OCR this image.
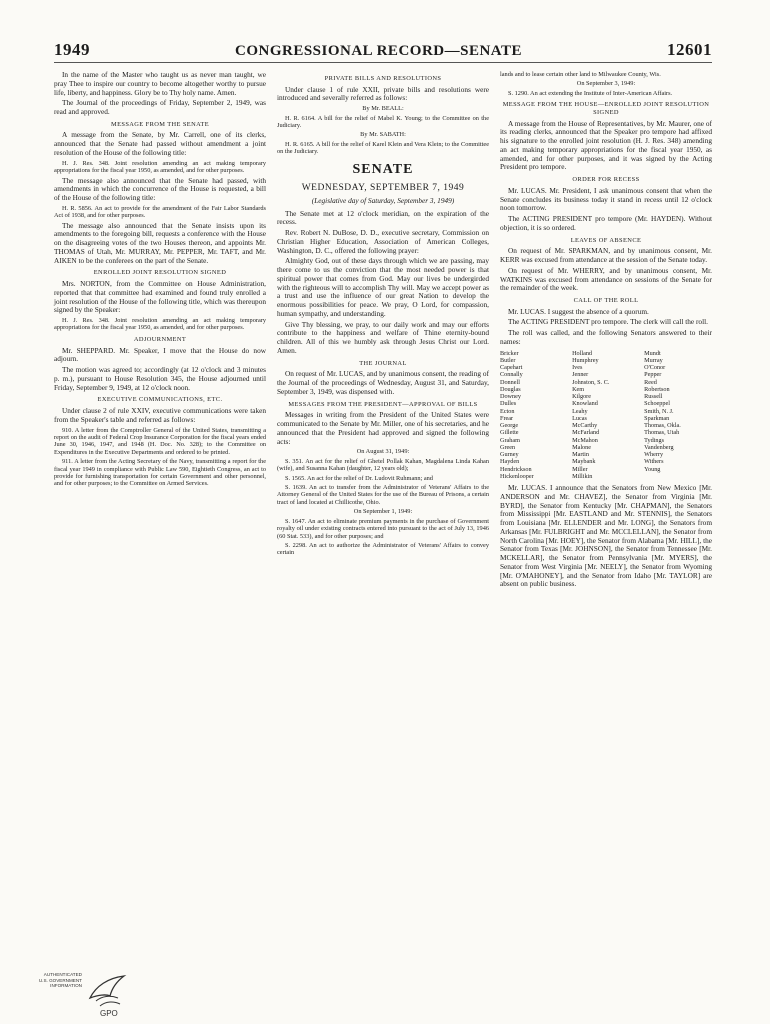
1949	CONGRESSIONAL RECORD—SENATE	12601

In the name of the Master who taught us as never man taught, we pray Thee to inspire our country to become altogether worthy to pursue life, liberty, and happiness. Glory be to Thy holy name. Amen.

The Journal of the proceedings of Friday, September 2, 1949, was read and approved.

MESSAGE FROM THE SENATE

A message from the Senate, by Mr. Carrell, one of its clerks, announced that the Senate had passed without amendment a joint resolution of the House of the following title:

H. J. Res. 348. Joint resolution amending an act making temporary appropriations for the fiscal year 1950, as amended, and for other purposes.

The message also announced that the Senate had passed, with amendments in which the concurrence of the House is requested, a bill of the House of the following title:

H. R. 5856. An act to provide for the amendment of the Fair Labor Standards Act of 1938, and for other purposes.

The message also announced that the Senate insists upon its amendments to the foregoing bill, requests a conference with the House on the disagreeing votes of the two Houses thereon, and appoints Mr. THOMAS of Utah, Mr. MURRAY, Mr. PEPPER, Mr. TAFT, and Mr. AIKEN to be the conferees on the part of the Senate.

ENROLLED JOINT RESOLUTION SIGNED

Mrs. NORTON, from the Committee on House Administration, reported that that committee had examined and found truly enrolled a joint resolution of the House of the following title, which was thereupon signed by the Speaker:

H. J. Res. 348. Joint resolution amending an act making temporary appropriations for the fiscal year 1950, as amended, and for other purposes.

ADJOURNMENT

Mr. SHEPPARD. Mr. Speaker, I move that the House do now adjourn.

The motion was agreed to; accordingly (at 12 o'clock and 3 minutes p. m.), pursuant to House Resolution 345, the House adjourned until Friday, September 9, 1949, at 12 o'clock noon.

EXECUTIVE COMMUNICATIONS, ETC.

Under clause 2 of rule XXIV, executive communications were taken from the Speaker's table and referred as follows:

910. A letter from the Comptroller General of the United States, transmitting a report on the audit of Federal Crop Insurance Corporation for the fiscal years ended June 30, 1946, 1947, and 1948 (H. Doc. No. 328); to the Committee on Expenditures in the Executive Departments and ordered to be printed.

911. A letter from the Acting Secretary of the Navy, transmitting a report for the fiscal year 1949 in compliance with Public Law 590, Eightieth Congress, an act to provide for furnishing transportation for certain Government and other personnel, and for other purposes; to the Committee on Armed Services.

PRIVATE BILLS AND RESOLUTIONS

Under clause 1 of rule XXII, private bills and resolutions were introduced and severally referred as follows:

By Mr. BEALL:

H. R. 6164. A bill for the relief of Mabel K. Young; to the Committee on the Judiciary.

By Mr. SABATH:

H. R. 6165. A bill for the relief of Karel Klein and Vera Klein; to the Committee on the Judiciary.

SENATE
WEDNESDAY, SEPTEMBER 7, 1949
(Legislative day of Saturday, September 3, 1949)

The Senate met at 12 o'clock meridian, on the expiration of the recess.

Rev. Robert N. DuBose, D. D., executive secretary, Commission on Christian Higher Education, Association of American Colleges, Washington, D. C., offered the following prayer:

Almighty God, out of these days through which we are passing, may there come to us the conviction that the most needed power is that spiritual power that comes from God. May our lives be undergirded with the righteous will to accomplish Thy will. May we accept power as a trust and use the influence of our great Nation to develop the enormous possibilities for peace. We pray, O Lord, for compassion, human sympathy, and understanding.

Give Thy blessing, we pray, to our daily work and may our efforts contribute to the happiness and welfare of Thine eternity-bound children. All of this we humbly ask through Jesus Christ our Lord. Amen.

THE JOURNAL

On request of Mr. LUCAS, and by unanimous consent, the reading of the Journal of the proceedings of Wednesday, August 31, and Saturday, September 3, 1949, was dispensed with.

MESSAGES FROM THE PRESIDENT—APPROVAL OF BILLS

Messages in writing from the President of the United States were communicated to the Senate by Mr. Miller, one of his secretaries, and he announced that the President had approved and signed the following acts:

On August 31, 1949:

S. 351. An act for the relief of Ghetel Pollak Kahan, Magdalena Linda Kahan (wife), and Susanna Kahan (daughter, 12 years old);

S. 1565. An act for the relief of Dr. Ludovit Ruhmann; and

S. 1639. An act to transfer from the Administrator of Veterans' Affairs to the Attorney General of the United States for the use of the Bureau of Prisons, a certain tract of land located at Chillicothe, Ohio.

On September 1, 1949:

S. 1647. An act to eliminate premium payments in the purchase of Government royalty oil under existing contracts entered into pursuant to the act of July 13, 1946 (60 Stat. 533), and for other purposes; and

S. 2298. An act to authorize the Administrator of Veterans' Affairs to convey certain

lands and to lease certain other land to Milwaukee County, Wis.

On September 3, 1949:

S. 1290. An act extending the Institute of Inter-American Affairs.

MESSAGE FROM THE HOUSE—ENROLLED JOINT RESOLUTION SIGNED

A message from the House of Representatives, by Mr. Maurer, one of its reading clerks, announced that the Speaker pro tempore had affixed his signature to the enrolled joint resolution (H. J. Res. 348) amending an act making temporary appropriations for the fiscal year 1950, as amended, and for other purposes, and it was signed by the Acting President pro tempore.

ORDER FOR RECESS

Mr. LUCAS. Mr. President, I ask unanimous consent that when the Senate concludes its business today it stand in recess until 12 o'clock noon tomorrow.

The ACTING PRESIDENT pro tempore (Mr. HAYDEN). Without objection, it is so ordered.

LEAVES OF ABSENCE

On request of Mr. SPARKMAN, and by unanimous consent, Mr. KERR was excused from attendance at the session of the Senate today.

On request of Mr. WHERRY, and by unanimous consent, Mr. WATKINS was excused from attendance on sessions of the Senate for the remainder of the week.

CALL OF THE ROLL

Mr. LUCAS. I suggest the absence of a quorum.

The ACTING PRESIDENT pro tempore. The clerk will call the roll.

The roll was called, and the following Senators answered to their names:

Bricker
Butler
Capehart
Connally
Donnell
Douglas
Downey
Dulles
Ecton
Frear
George
Gillette
Graham
Green
Gurney
Hayden
Hendrickson
Hickenlooper
Holland
Humphrey
Ives
Jenner
Johnston, S. C.
Kem
Kilgore
Knowland
Leahy
Lucas
McCarthy
McFarland
McMahon
Malone
Martin
Maybank
Miller
Millikin
Mundt
Murray
O'Conor
Pepper
Reed
Robertson
Russell
Schoeppel
Smith, N. J.
Sparkman
Thomas, Okla.
Thomas, Utah
Tydings
Vandenberg
Wherry
Withers
Young

Mr. LUCAS. I announce that the Senators from New Mexico [Mr. ANDERSON and Mr. CHAVEZ], the Senator from Virginia [Mr. BYRD], the Senator from Kentucky [Mr. CHAPMAN], the Senators from Mississippi [Mr. EASTLAND and Mr. STENNIS], the Senators from Louisiana [Mr. ELLENDER and Mr. LONG], the Senators from Arkansas [Mr. FULBRIGHT and Mr. MCCLELLAN], the Senator from North Carolina [Mr. HOEY], the Senator from Alabama [Mr. HILL], the Senator from Texas [Mr. JOHNSON], the Senator from Tennessee [Mr. MCKELLAR], the Senator from Pennsylvania [Mr. MYERS], the Senator from West Virginia [Mr. NEELY], the Senator from Wyoming [Mr. O'MAHONEY], and the Senator from Idaho [Mr. TAYLOR] are absent on public business.

AUTHENTICATED
U.S. GOVERNMENT
INFORMATION
GPO
